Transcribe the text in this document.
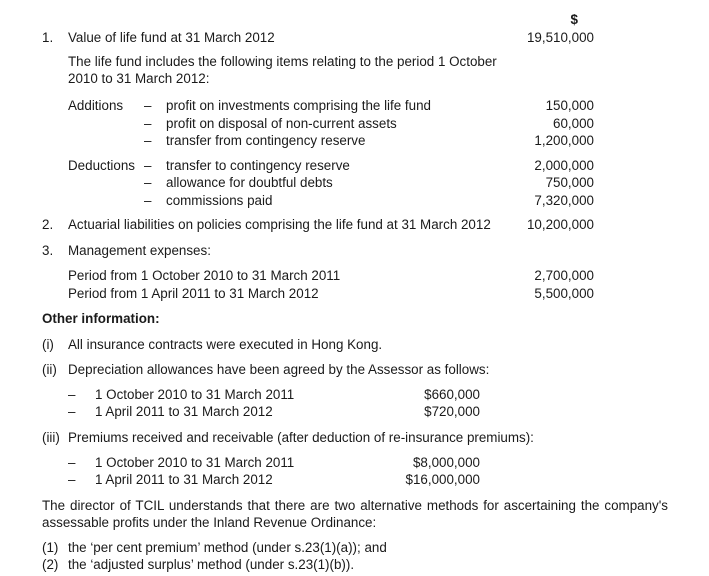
$
1. Value of life fund at 31 March 2012	19,510,000
The life fund includes the following items relating to the period 1 October 2010 to 31 March 2012:
Additions – profit on investments comprising the life fund	150,000
– profit on disposal of non-current assets	60,000
– transfer from contingency reserve	1,200,000
Deductions – transfer to contingency reserve	2,000,000
– allowance for doubtful debts	750,000
– commissions paid	7,320,000
2. Actuarial liabilities on policies comprising the life fund at 31 March 2012	10,200,000
3. Management expenses:
Period from 1 October 2010 to 31 March 2011	2,700,000
Period from 1 April 2011 to 31 March 2012	5,500,000
Other information:
(i) All insurance contracts were executed in Hong Kong.
(ii) Depreciation allowances have been agreed by the Assessor as follows:
– 1 October 2010 to 31 March 2011	$660,000
– 1 April 2011 to 31 March 2012	$720,000
(iii) Premiums received and receivable (after deduction of re-insurance premiums):
– 1 October 2010 to 31 March 2011	$8,000,000
– 1 April 2011 to 31 March 2012	$16,000,000
The director of TCIL understands that there are two alternative methods for ascertaining the company's assessable profits under the Inland Revenue Ordinance:
(1) the ‘per cent premium’ method (under s.23(1)(a)); and
(2) the ‘adjusted surplus’ method (under s.23(1)(b)).
